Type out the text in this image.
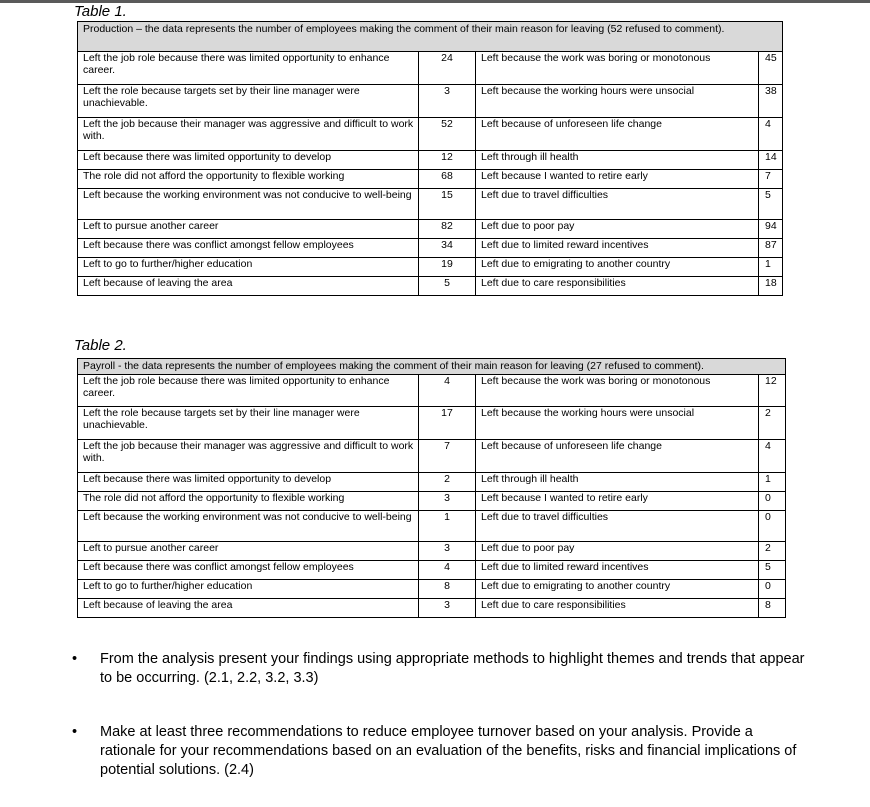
Table 1.
Production – the data represents the number of employees making the comment of their main reason for leaving (52 refused to comment).			
Left the job role because there was limited opportunity to enhance career.	24	Left because the work was boring or monotonous	45
Left the role because targets set by their line manager were unachievable.	3	Left because the working hours were unsocial	38
Left the job because their manager was aggressive and difficult to work with.	52	Left because of unforeseen life change	4
Left because there was limited opportunity to develop	12	Left through ill health	14
The role did not afford the opportunity to flexible working	68	Left because I wanted to retire early	7
Left because the working environment was not conducive to well-being	15	Left due to travel difficulties	5
Left to pursue another career	82	Left due to poor pay	94
Left because there was conflict amongst fellow employees	34	Left due to limited reward incentives	87
Left to go to further/higher education	19	Left due to emigrating to another country	1
Left because of leaving the area	5	Left due to care responsibilities	18
Table 2.
Payroll - the data represents the number of employees making the comment of their main reason for leaving (27 refused to comment).			
Left the job role because there was limited opportunity to enhance career.	4	Left because the work was boring or monotonous	12
Left the role because targets set by their line manager were unachievable.	17	Left because the working hours were unsocial	2
Left the job because their manager was aggressive and difficult to work with.	7	Left because of unforeseen life change	4
Left because there was limited opportunity to develop	2	Left through ill health	1
The role did not afford the opportunity to flexible working	3	Left because I wanted to retire early	0
Left because the working environment was not conducive to well-being	1	Left due to travel difficulties	0
Left to pursue another career	3	Left due to poor pay	2
Left because there was conflict amongst fellow employees	4	Left due to limited reward incentives	5
Left to go to further/higher education	8	Left due to emigrating to another country	0
Left because of leaving the area	3	Left due to care responsibilities	8
• From the analysis present your findings using appropriate methods to highlight themes and trends that appear to be occurring. (2.1, 2.2, 3.2, 3.3)
• Make at least three recommendations to reduce employee turnover based on your analysis. Provide a rationale for your recommendations based on an evaluation of the benefits, risks and financial implications of potential solutions. (2.4)
